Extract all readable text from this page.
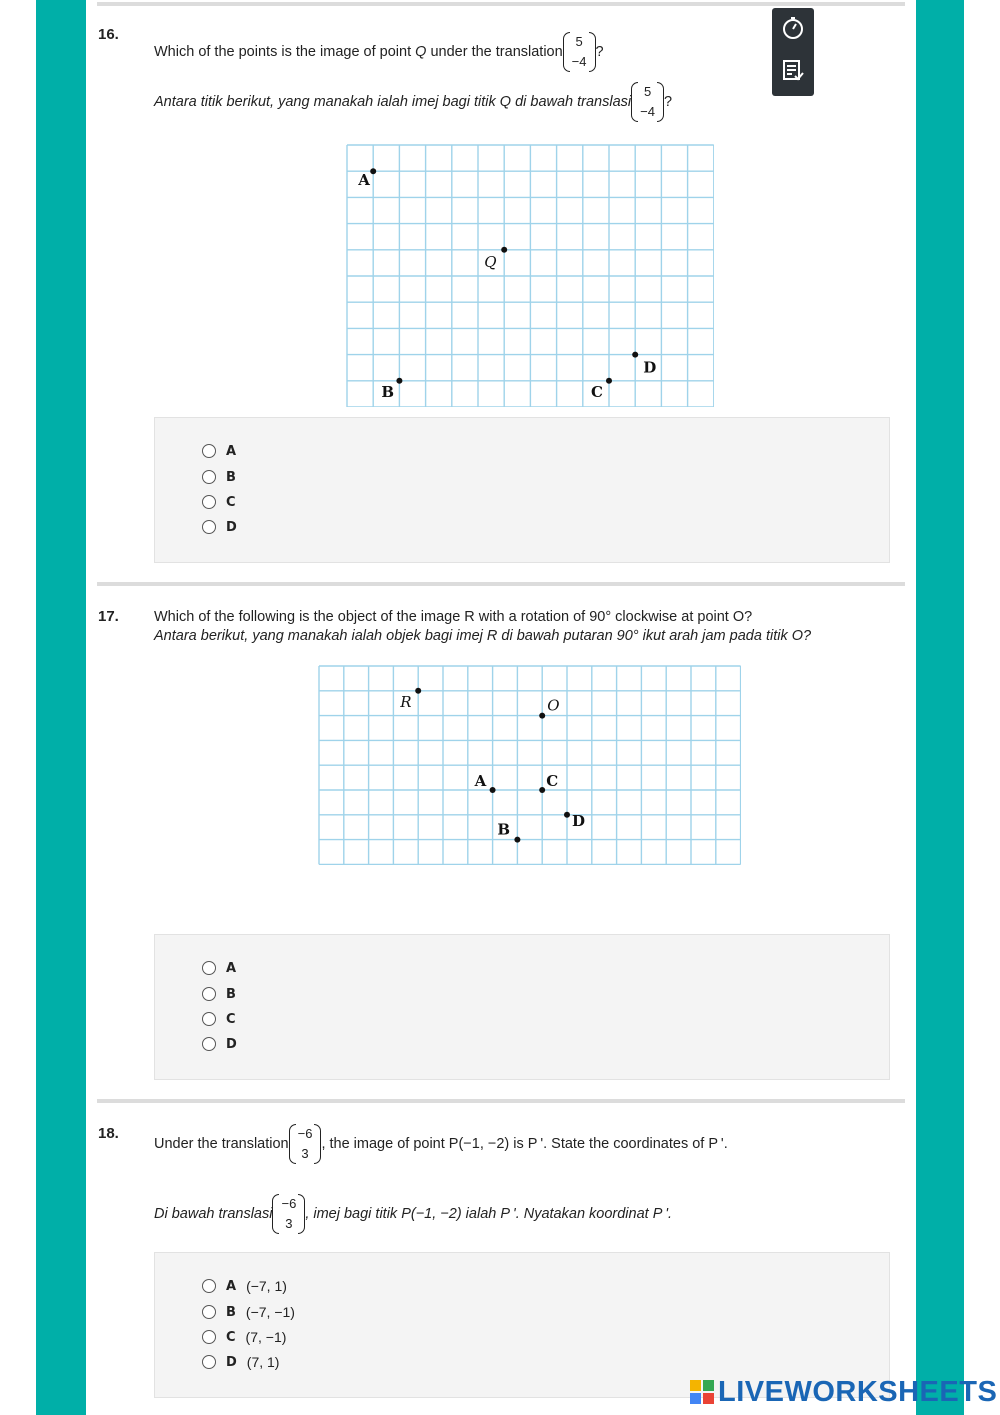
16.
Which of the points is the image of point Q under the translation
5
−4
?
Antara titik berikut, yang manakah ialah imej bagi titik Q di bawah translasi
5
−4
?
A
Q
B	C
D
A
B
C
D
17. Which of the following is the object of the image R with a rotation of 90° clockwise at point O?
Antara berikut, yang manakah ialah objek bagi imej R di bawah putaran 90° ikut arah jam pada titik O?
R	O
A	C
D
B
A
B
C
D
18.
Under the translation
−6
3
, the image of point P(−1, −2) is P '. State the coordinates of P '.
Di bawah translasi
−6
3
, imej bagi titik P(−1, −2) ialah P '. Nyatakan koordinat P '.
A (−7, 1)
B (−7, −1)
C (7, −1)
D (7, 1)
LIVEWORKSHEETS
